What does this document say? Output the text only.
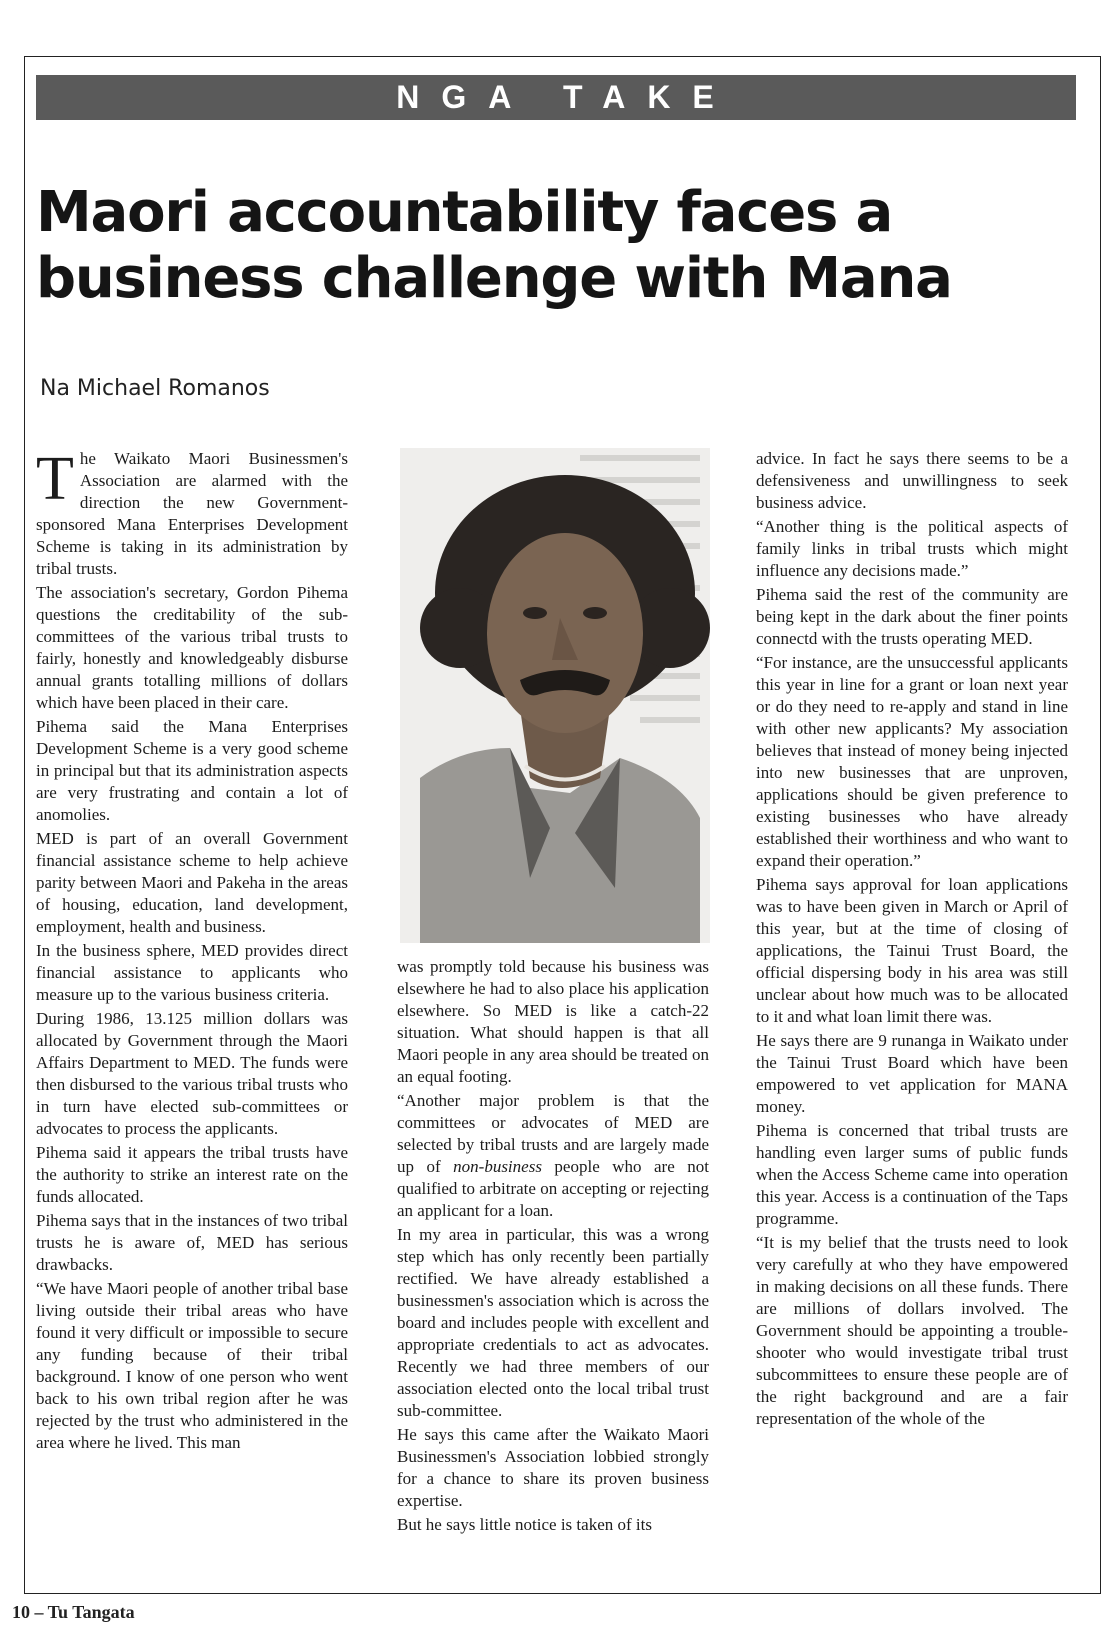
NGA TAKE
Maori accountability faces a business challenge with Mana
Na Michael Romanos

The Waikato Maori Businessmen's Association are alarmed with the direction the new Government-sponsored Mana Enterprises Development Scheme is taking in its administration by tribal trusts.

The association's secretary, Gordon Pihema questions the creditability of the sub-committees of the various tribal trusts to fairly, honestly and knowledgeably disburse annual grants totalling millions of dollars which have been placed in their care.

Pihema said the Mana Enterprises Development Scheme is a very good scheme in principal but that its administration aspects are very frustrating and contain a lot of anomolies.

MED is part of an overall Government financial assistance scheme to help achieve parity between Maori and Pakeha in the areas of housing, education, land development, employment, health and business.

In the business sphere, MED provides direct financial assistance to applicants who measure up to the various business criteria.

During 1986, 13.125 million dollars was allocated by Government through the Maori Affairs Department to MED. The funds were then disbursed to the various tribal trusts who in turn have elected sub-committees or advocates to process the applicants.

Pihema said it appears the tribal trusts have the authority to strike an interest rate on the funds allocated.

Pihema says that in the instances of two tribal trusts he is aware of, MED has serious drawbacks.

“We have Maori people of another tribal base living outside their tribal areas who have found it very difficult or impossible to secure any funding because of their tribal background. I know of one person who went back to his own tribal region after he was rejected by the trust who administered in the area where he lived. This man

was promptly told because his business was elsewhere he had to also place his application elsewhere. So MED is like a catch-22 situation. What should happen is that all Maori people in any area should be treated on an equal footing.

“Another major problem is that the committees or advocates of MED are selected by tribal trusts and are largely made up of non-business people who are not qualified to arbitrate on accepting or rejecting an applicant for a loan.

In my area in particular, this was a wrong step which has only recently been partially rectified. We have already established a businessmen's association which is across the board and includes people with excellent and appropriate credentials to act as advocates. Recently we had three members of our association elected onto the local tribal trust sub-committee.

He says this came after the Waikato Maori Businessmen's Association lobbied strongly for a chance to share its proven business expertise.

But he says little notice is taken of its

advice. In fact he says there seems to be a defensiveness and unwillingness to seek business advice.

“Another thing is the political aspects of family links in tribal trusts which might influence any decisions made.”

Pihema said the rest of the community are being kept in the dark about the finer points connectd with the trusts operating MED.

“For instance, are the unsuccessful applicants this year in line for a grant or loan next year or do they need to re-apply and stand in line with other new applicants? My association believes that instead of money being injected into new businesses that are unproven, applications should be given preference to existing businesses who have already established their worthiness and who want to expand their operation.”

Pihema says approval for loan applications was to have been given in March or April of this year, but at the time of closing of applications, the Tainui Trust Board, the official dispersing body in his area was still unclear about how much was to be allocated to it and what loan limit there was.

He says there are 9 runanga in Waikato under the Tainui Trust Board which have been empowered to vet application for MANA money.

Pihema is concerned that tribal trusts are handling even larger sums of public funds when the Access Scheme came into operation this year. Access is a continuation of the Taps programme.

“It is my belief that the trusts need to look very carefully at who they have empowered in making decisions on all these funds. There are millions of dollars involved. The Government should be appointing a trouble-shooter who would investigate tribal trust subcommittees to ensure these people are of the right background and are a fair representation of the whole of the

10 – Tu Tangata
